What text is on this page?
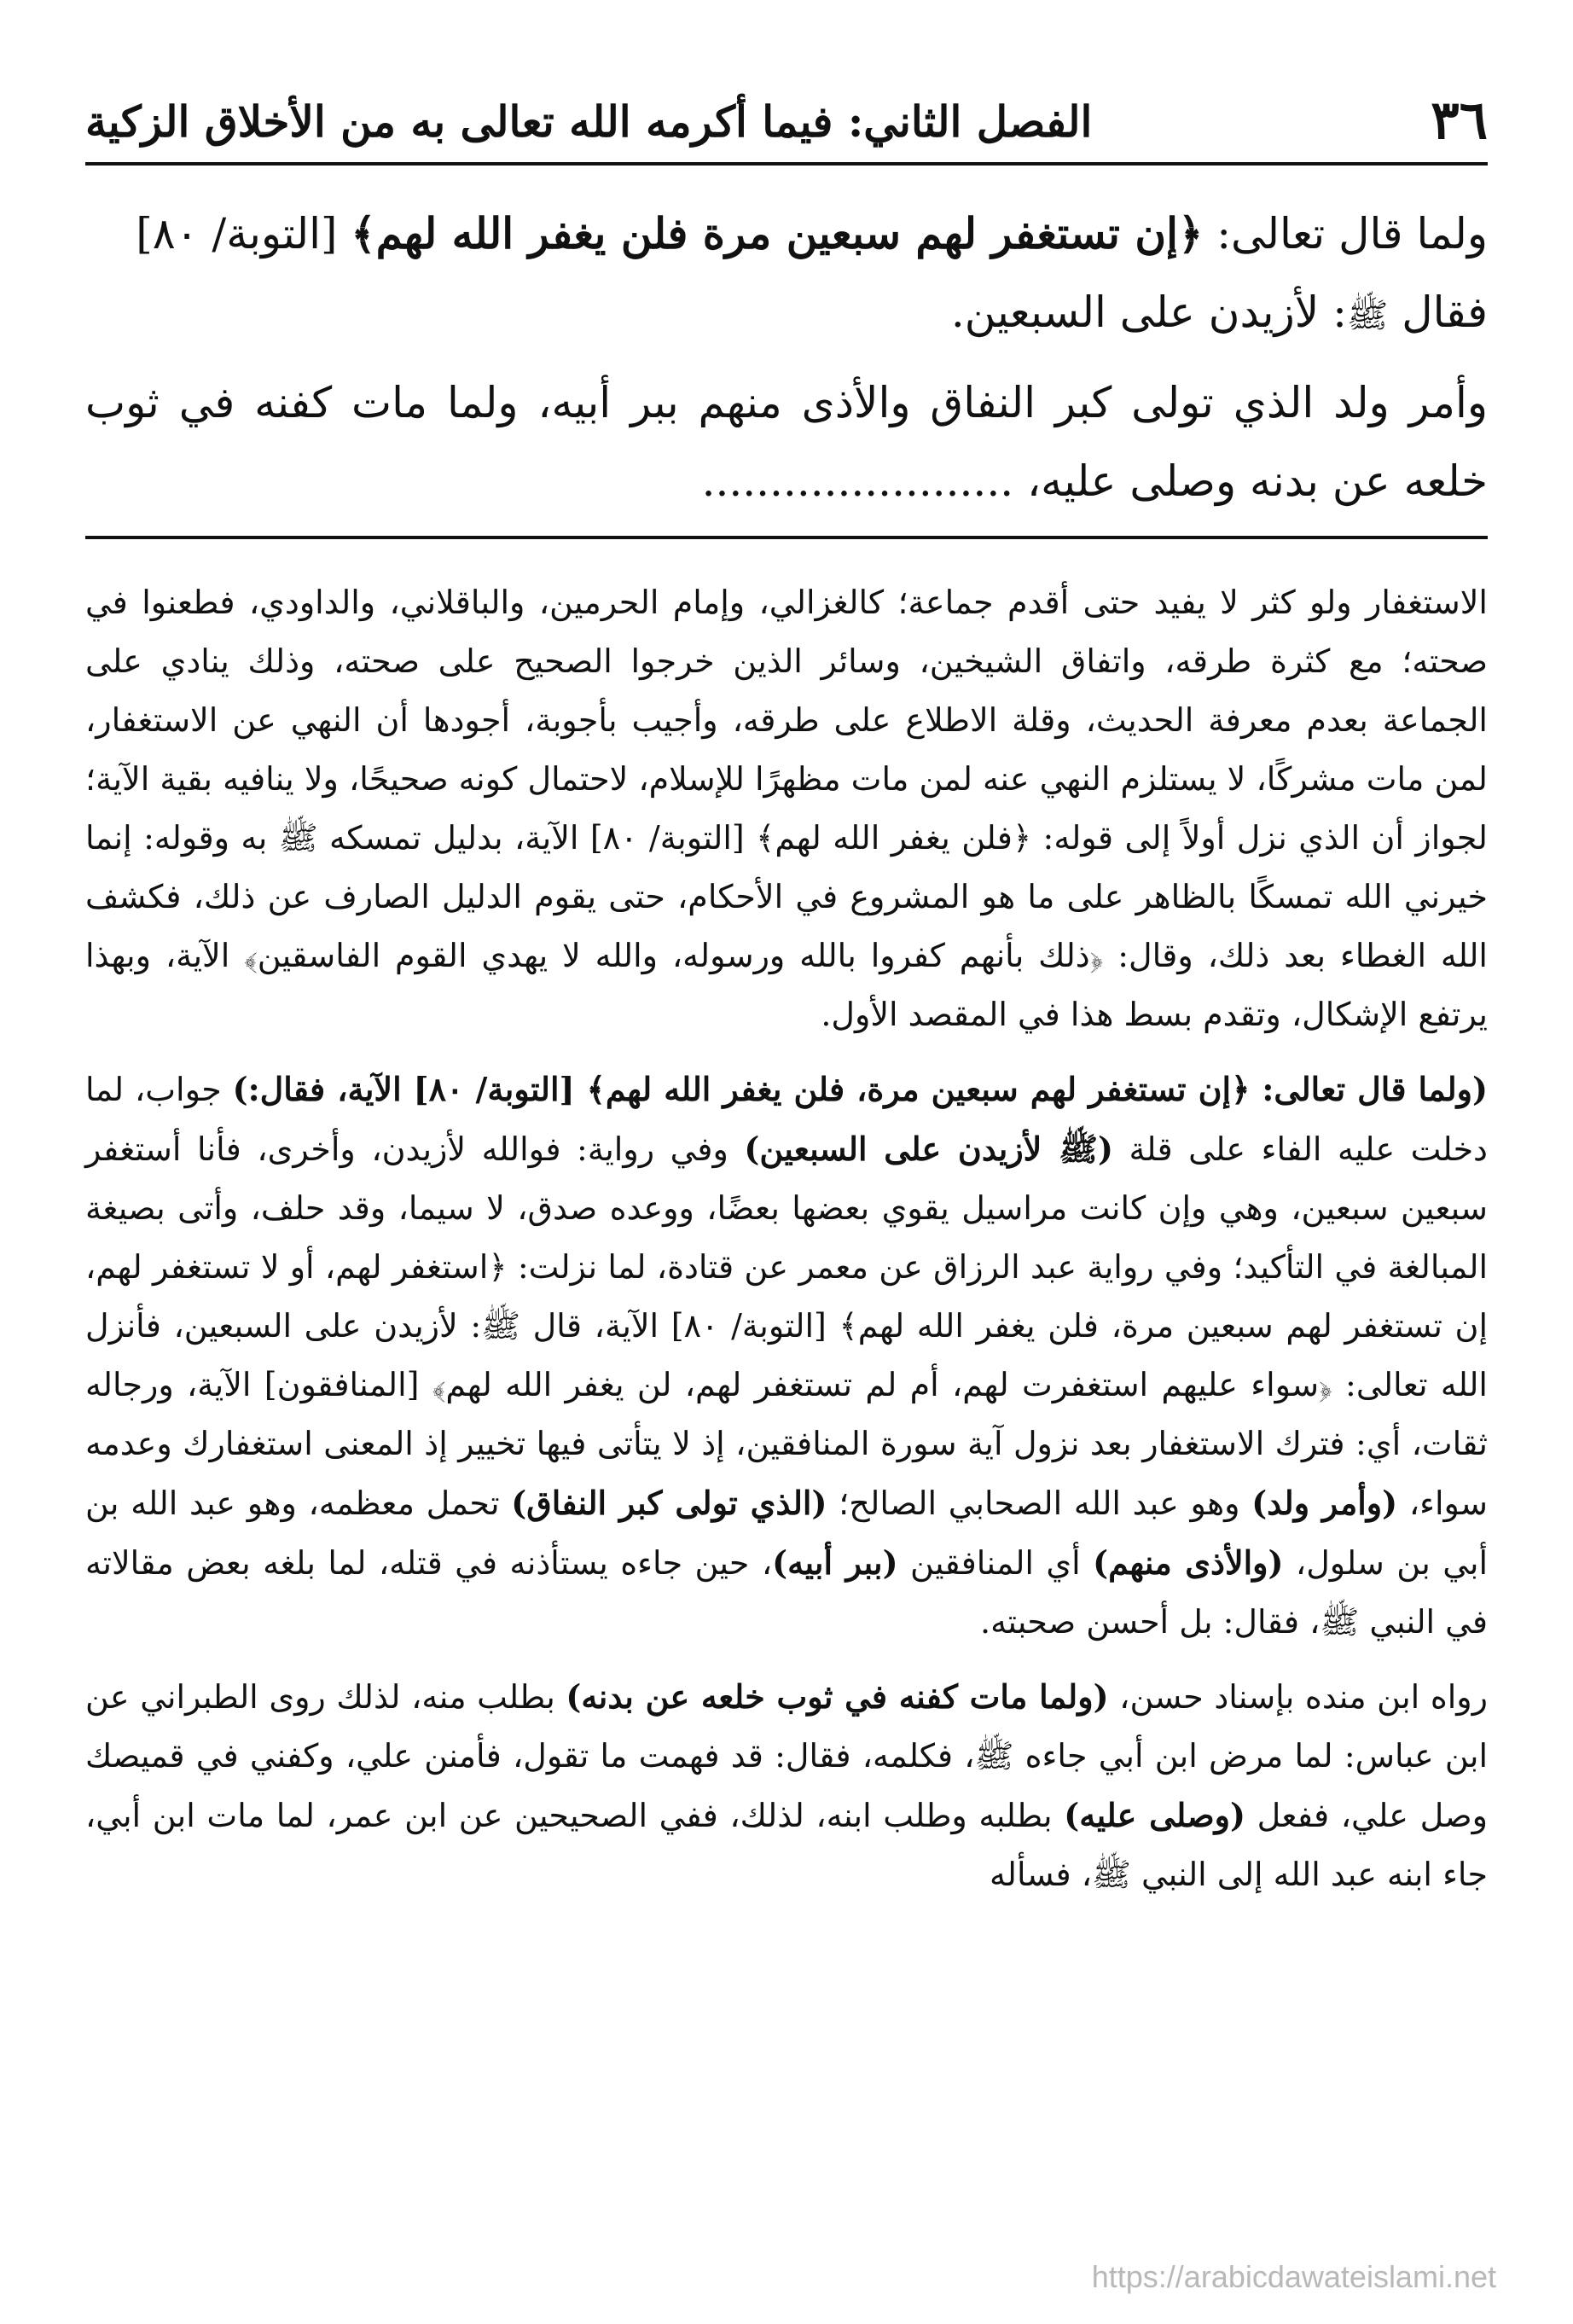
٣٦
الفصل الثاني: فيما أكرمه الله تعالى به من الأخلاق الزكية

ولما قال تعالى: ﴿إن تستغفر لهم سبعين مرة فلن يغفر الله لهم﴾ [التوبة/ ٨٠]
فقال ﷺ: لأزيدن على السبعين.

وأمر ولد الذي تولى كبر النفاق والأذى منهم ببر أبيه، ولما مات كفنه في ثوب خلعه عن بدنه وصلى عليه، .......................

الاستغفار ولو كثر لا يفيد حتى أقدم جماعة؛ كالغزالي، وإمام الحرمين، والباقلاني، والداودي، فطعنوا في صحته؛ مع كثرة طرقه، واتفاق الشيخين، وسائر الذين خرجوا الصحيح على صحته، وذلك ينادي على الجماعة بعدم معرفة الحديث، وقلة الاطلاع على طرقه، وأجيب بأجوبة، أجودها أن النهي عن الاستغفار، لمن مات مشركًا، لا يستلزم النهي عنه لمن مات مظهرًا للإسلام، لاحتمال كونه صحيحًا، ولا ينافيه بقية الآية؛ لجواز أن الذي نزل أولاً إلى قوله: ﴿فلن يغفر الله لهم﴾ [التوبة/ ٨٠] الآية، بدليل تمسكه ﷺ به وقوله: إنما خيرني الله تمسكًا بالظاهر على ما هو المشروع في الأحكام، حتى يقوم الدليل الصارف عن ذلك، فكشف الله الغطاء بعد ذلك، وقال: ﴿ذلك بأنهم كفروا بالله ورسوله، والله لا يهدي القوم الفاسقين﴾ الآية، وبهذا يرتفع الإشكال، وتقدم بسط هذا في المقصد الأول.

(ولما قال تعالى: ﴿إن تستغفر لهم سبعين مرة، فلن يغفر الله لهم﴾ [التوبة/ ٨٠] الآية، فقال:) جواب، لما دخلت عليه الفاء على قلة (ﷺ لأزيدن على السبعين) وفي رواية: فوالله لأزيدن، وأخرى، فأنا أستغفر سبعين سبعين، وهي وإن كانت مراسيل يقوي بعضها بعضًا، ووعده صدق، لا سيما، وقد حلف، وأتى بصيغة المبالغة في التأكيد؛ وفي رواية عبد الرزاق عن معمر عن قتادة، لما نزلت: ﴿استغفر لهم، أو لا تستغفر لهم، إن تستغفر لهم سبعين مرة، فلن يغفر الله لهم﴾ [التوبة/ ٨٠] الآية، قال ﷺ: لأزيدن على السبعين، فأنزل الله تعالى: ﴿سواء عليهم استغفرت لهم، أم لم تستغفر لهم، لن يغفر الله لهم﴾ [المنافقون] الآية، ورجاله ثقات، أي: فترك الاستغفار بعد نزول آية سورة المنافقين، إذ لا يتأتى فيها تخيير إذ المعنى استغفارك وعدمه سواء، (وأمر ولد) وهو عبد الله الصحابي الصالح؛ (الذي تولى كبر النفاق) تحمل معظمه، وهو عبد الله بن أبي بن سلول، (والأذى منهم) أي المنافقين (ببر أبيه)، حين جاءه يستأذنه في قتله، لما بلغه بعض مقالاته في النبي ﷺ، فقال: بل أحسن صحبته.

رواه ابن منده بإسناد حسن، (ولما مات كفنه في ثوب خلعه عن بدنه) بطلب منه، لذلك روى الطبراني عن ابن عباس: لما مرض ابن أبي جاءه ﷺ، فكلمه، فقال: قد فهمت ما تقول، فأمنن علي، وكفني في قميصك وصل علي، ففعل (وصلى عليه) بطلبه وطلب ابنه، لذلك، ففي الصحيحين عن ابن عمر، لما مات ابن أبي، جاء ابنه عبد الله إلى النبي ﷺ، فسأله

https://arabicdawateislami.net
